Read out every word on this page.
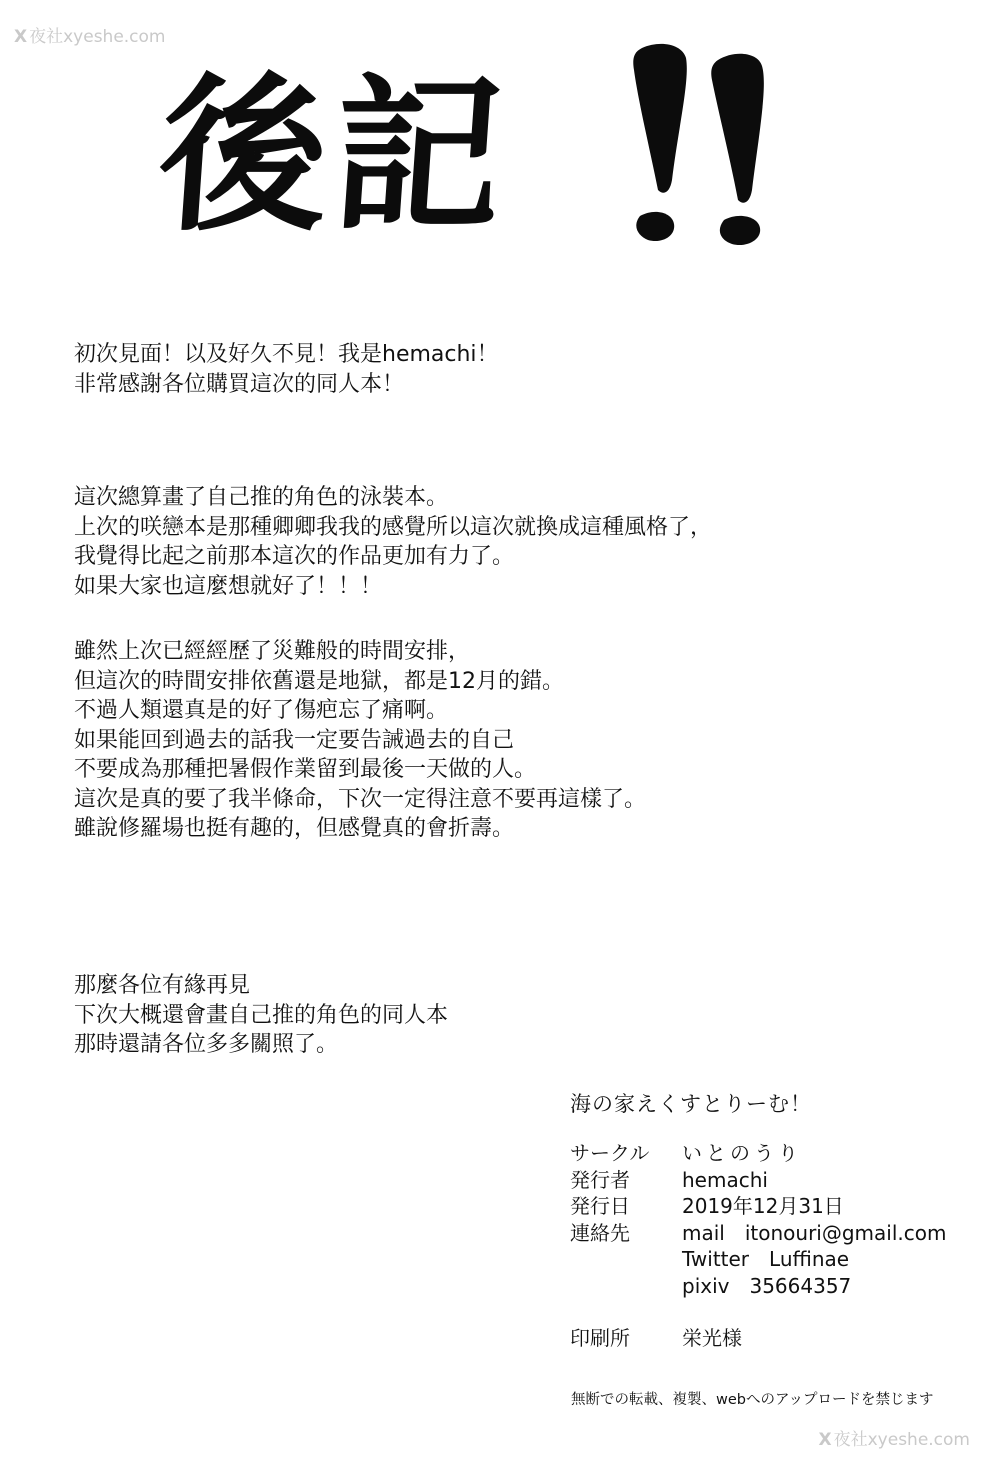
X 夜社xyeshe.com
後記
初次見面！以及好久不見！我是hemachi！
非常感謝各位購買這次的同人本！
這次總算畫了自己推的角色的泳裝本。
上次的咲戀本是那種卿卿我我的感覺所以這次就換成這種風格了，
我覺得比起之前那本這次的作品更加有力了。
如果大家也這麼想就好了！！！
雖然上次已經經歷了災難般的時間安排，
但這次的時間安排依舊還是地獄，都是12月的錯。
不過人類還真是的好了傷疤忘了痛啊。
如果能回到過去的話我一定要告誡過去的自己
不要成為那種把暑假作業留到最後一天做的人。
這次是真的要了我半條命，下次一定得注意不要再這樣了。
雖說修羅場也挺有趣的，但感覺真的會折壽。
那麼各位有緣再見
下次大概還會畫自己推的角色的同人本
那時還請各位多多關照了。
海の家えくすとりーむ！
サークル	いとのうり
発行者	hemachi
発行日	2019年12月31日
連絡先	mail　itonouri@gmail.com
Twitter　Luffinae
pixiv　35664357
印刷所	栄光様
無断での転載、複製、webへのアップロードを禁じます
X 夜社xyeshe.com
